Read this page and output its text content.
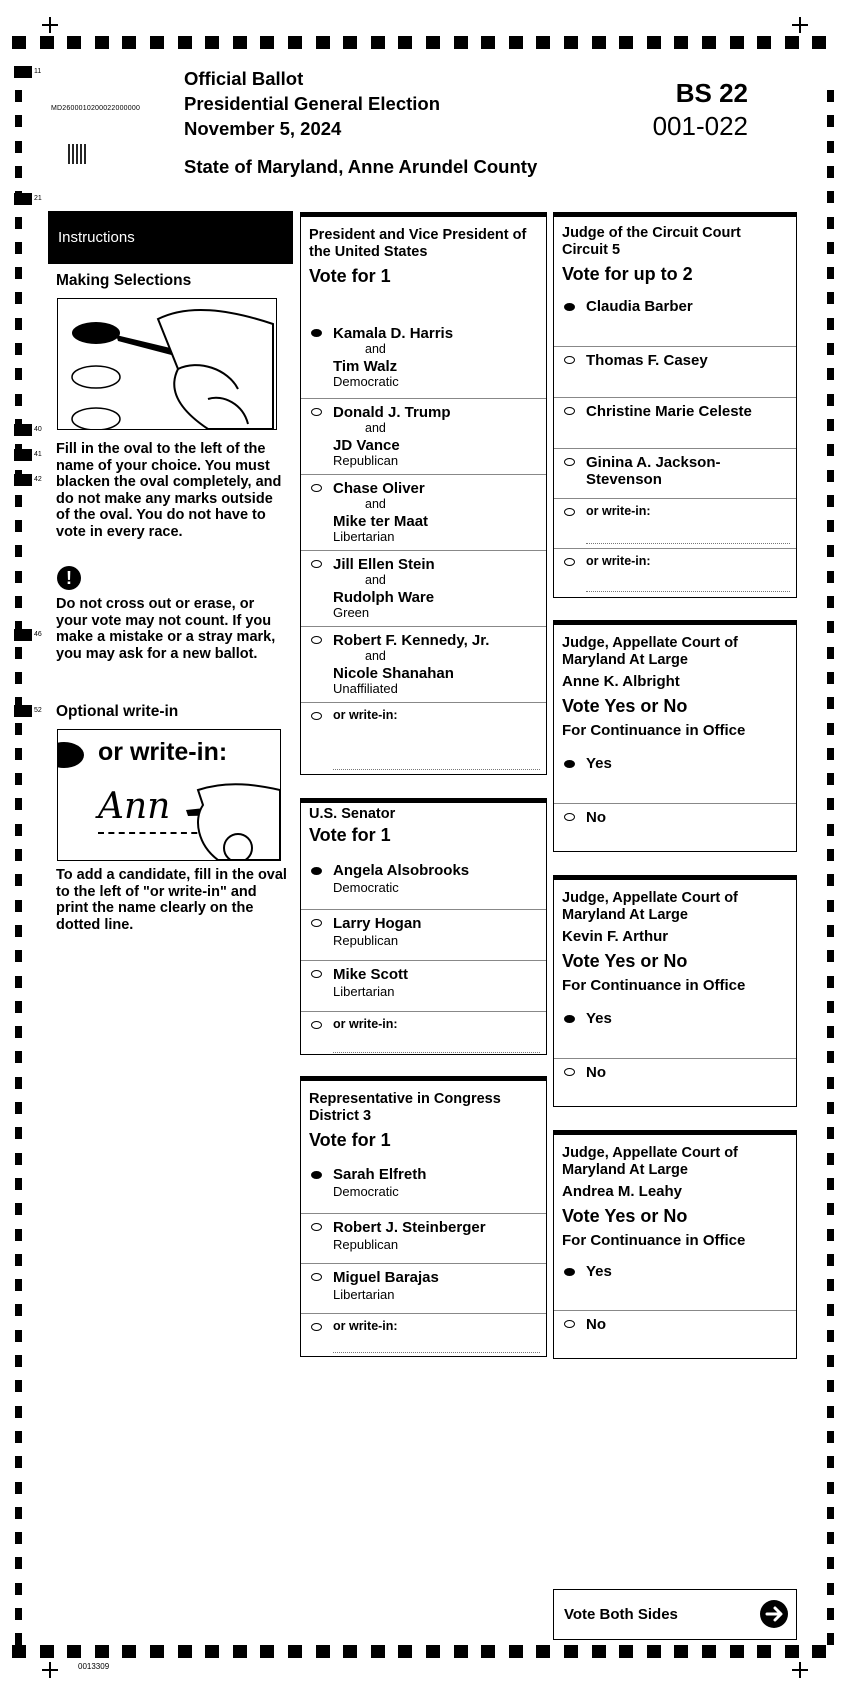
Official Ballot
Presidential General Election
November 5, 2024
State of Maryland, Anne Arundel County
BS 22
001-022
MD2600010200022000000
11
21
40
41
42
46
52
Instructions
Making Selections
Fill in the oval to the left of the name of your choice. You must blacken the oval completely, and do not make any marks outside of the oval. You do not have to vote in every race.
!
Do not cross out or erase, or your vote may not count. If you make a mistake or a stray mark, you may ask for a new ballot.
Optional write-in
or write-in:
Ann
To add a candidate, fill in the oval to the left of "or write-in" and print the name clearly on the dotted line.
President and Vice President of the United States
Vote for 1
Kamala D. Harris
and
Tim Walz
Democratic
Donald J. Trump
and
JD Vance
Republican
Chase Oliver
and
Mike ter Maat
Libertarian
Jill Ellen Stein
and
Rudolph Ware
Green
Robert F. Kennedy, Jr.
and
Nicole Shanahan
Unaffiliated
or write-in:
U.S. Senator
Vote for 1
Angela Alsobrooks
Democratic
Larry Hogan
Republican
Mike Scott
Libertarian
or write-in:
Representative in Congress District 3
Vote for 1
Sarah Elfreth
Democratic
Robert J. Steinberger
Republican
Miguel Barajas
Libertarian
or write-in:
Judge of the Circuit Court Circuit 5
Vote for up to 2
Claudia Barber
Thomas F. Casey
Christine Marie Celeste
Ginina A. Jackson-Stevenson
or write-in:
or write-in:
Judge, Appellate Court of Maryland At Large
Anne K. Albright
Vote Yes or No
For Continuance in Office
Yes
No
Judge, Appellate Court of Maryland At Large
Kevin F. Arthur
Vote Yes or No
For Continuance in Office
Yes
No
Judge, Appellate Court of Maryland At Large
Andrea M. Leahy
Vote Yes or No
For Continuance in Office
Yes
No
Vote Both Sides
0013309
